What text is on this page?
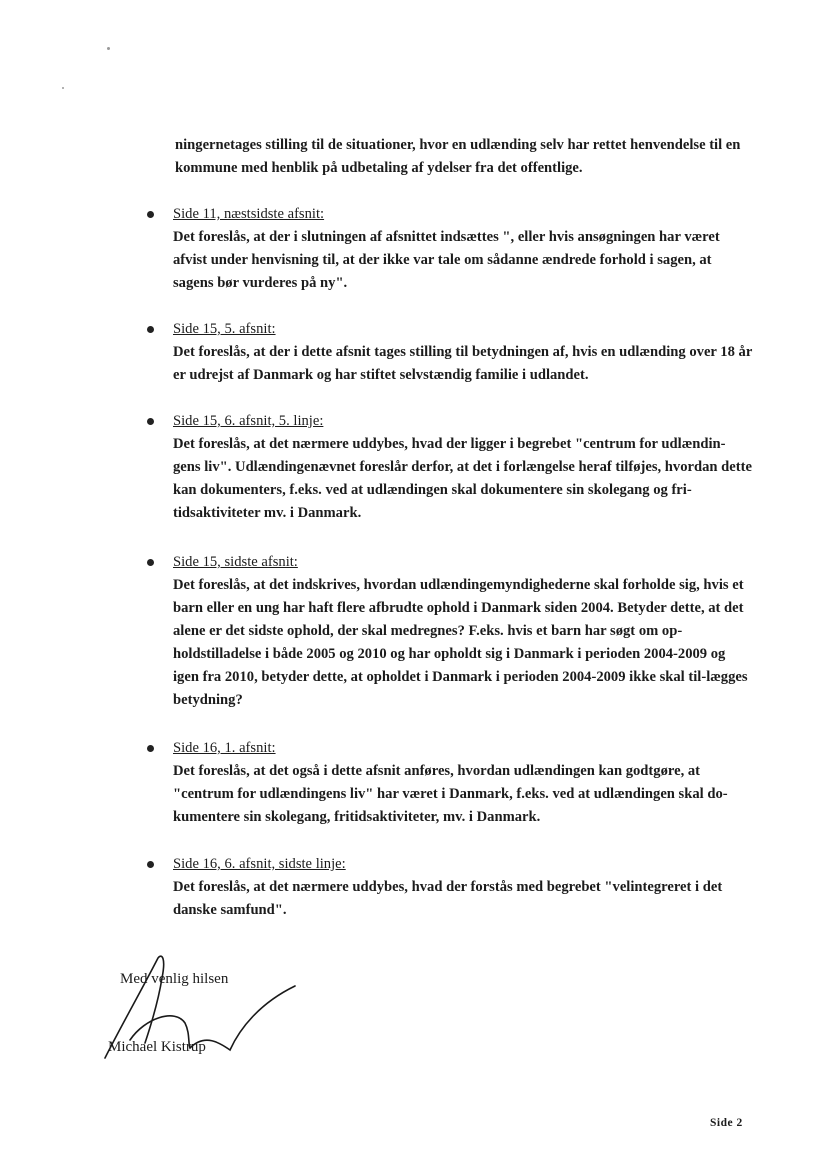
ningernetages stilling til de situationer, hvor en udlænding selv har rettet henvendelse til en kommune med henblik på udbetaling af ydelser fra det offentlige.

Side 11, næstsidste afsnit:

Det foreslås, at der i slutningen af afsnittet indsættes ", eller hvis ansøgningen har været afvist under henvisning til, at der ikke var tale om sådanne ændrede forhold i sagen, at sagens bør vurderes på ny".

Side 15, 5. afsnit:

Det foreslås, at der i dette afsnit tages stilling til betydningen af, hvis en udlænding over 18 år er udrejst af Danmark og har stiftet selvstændig familie i udlandet.

Side 15, 6. afsnit, 5. linje:

Det foreslås, at det nærmere uddybes, hvad der ligger i begrebet "centrum for udlændin-gens liv". Udlændingenævnet foreslår derfor, at det i forlængelse heraf tilføjes, hvordan dette kan dokumenters, f.eks. ved at udlændingen skal dokumentere sin skolegang og fri-tidsaktiviteter mv. i Danmark.

Side 15, sidste afsnit:

Det foreslås, at det indskrives, hvordan udlændingemyndighederne skal forholde sig, hvis et barn eller en ung har haft flere afbrudte ophold i Danmark siden 2004. Betyder dette, at det alene er det sidste ophold, der skal medregnes? F.eks. hvis et barn har søgt om op-holdstilladelse i både 2005 og 2010 og har opholdt sig i Danmark i perioden 2004-2009 og igen fra 2010, betyder dette, at opholdet i Danmark i perioden 2004-2009 ikke skal til-lægges betydning?

Side 16, 1. afsnit:

Det foreslås, at det også i dette afsnit anføres, hvordan udlændingen kan godtgøre, at "centrum for udlændingens liv" har været i Danmark, f.eks. ved at udlændingen skal do-kumentere sin skolegang, fritidsaktiviteter, mv. i Danmark.

Side 16, 6. afsnit, sidste linje:

Det foreslås, at det nærmere uddybes, hvad der forstås med begrebet "velintegreret i det danske samfund".

Med venlig hilsen

Michael Kistrup

Side 2
